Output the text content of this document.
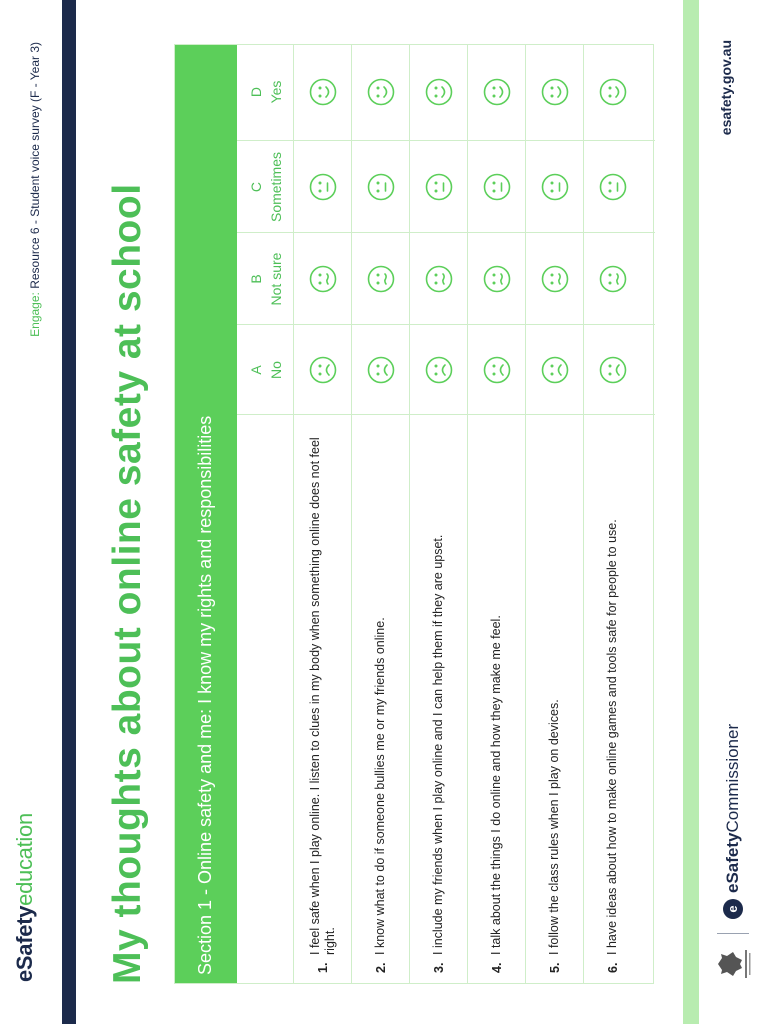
eSafetyeducation
Engage: Resource 6 - Student voice survey (F - Year 3)
My thoughts about online safety at school	Section 1 - Online safety and me: I know my rights and responsibilities
A No
B Not sure
C Sometimes
D Yes
1.
I feel safe when I play online. I listen to clues in my body when something online does not feel right.
2.
I know what to do if someone bullies me or my friends online.
3.
I include my friends when I play online and I can help them if they are upset.
4.
I talk about the things I do online and how they make me feel.
5.
I follow the class rules when I play on devices.
6.
I have ideas about how to make online games and tools safe for people to use.	e
eSafetyCommissioner
esafety.gov.au
